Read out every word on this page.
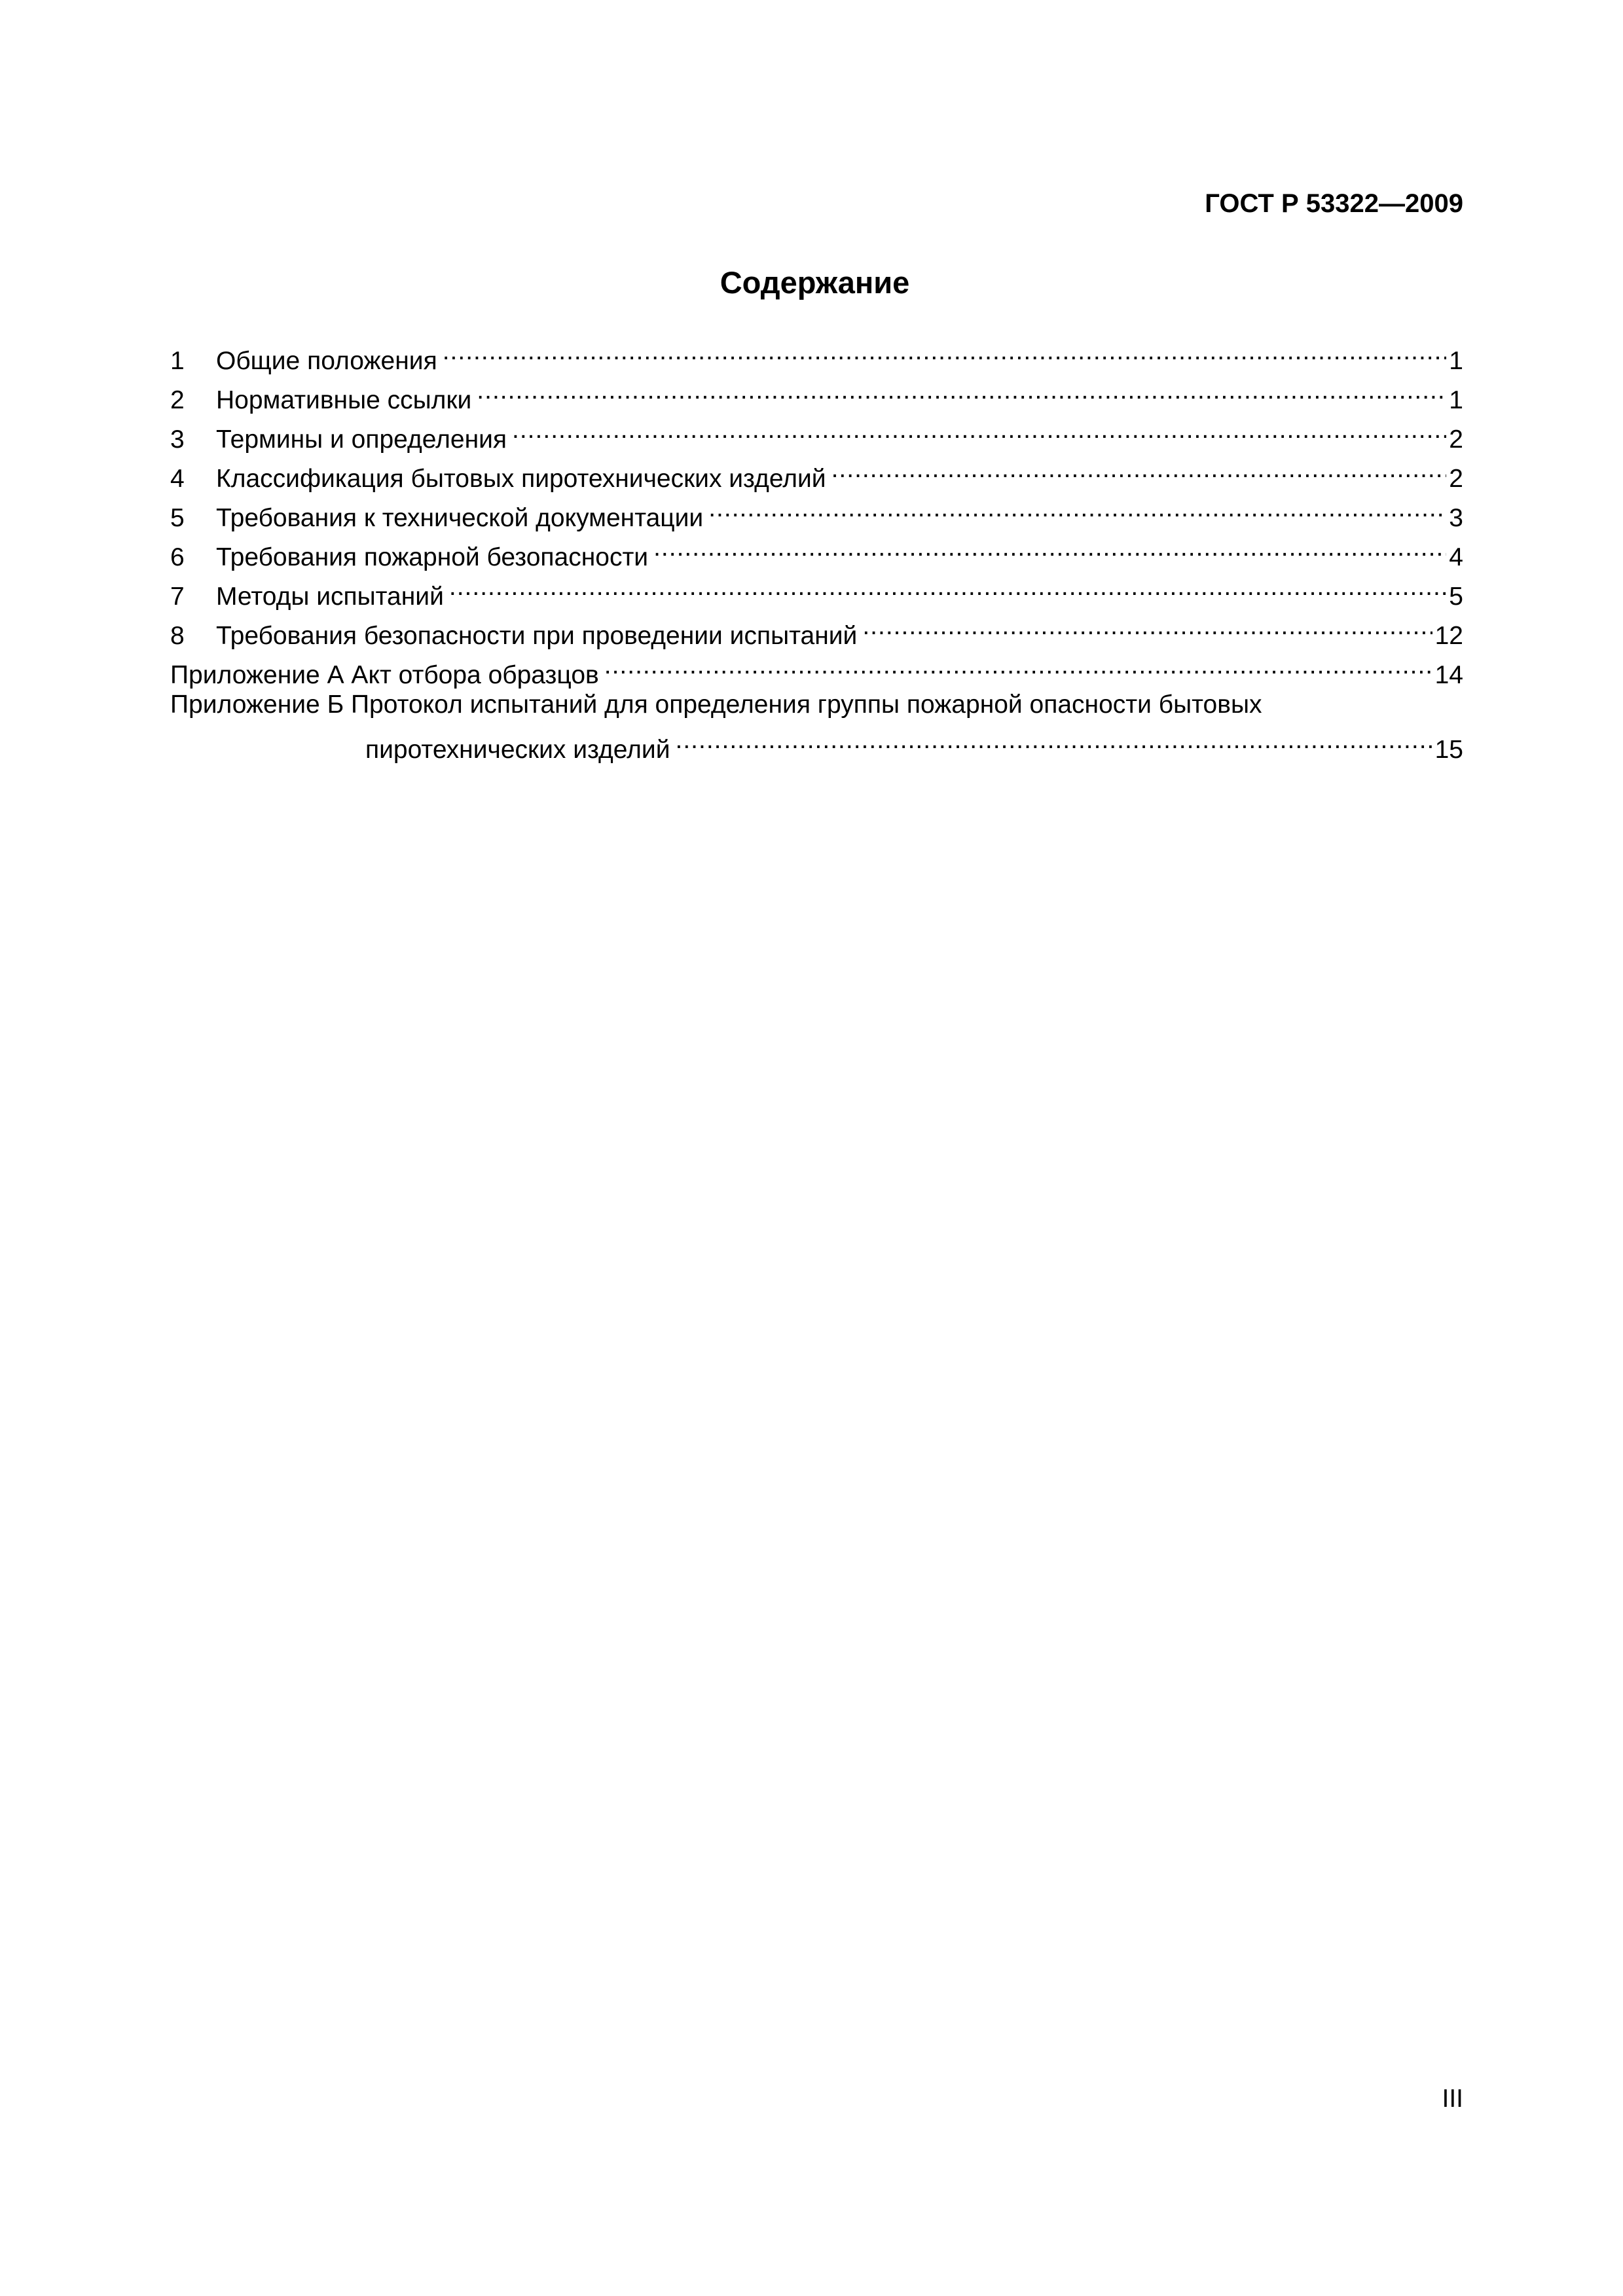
ГОСТ Р 53322—2009
Содержание
1	Общие положения .....	1
2	Нормативные ссылки .....	1
3	Термины и определения .....	2
4	Классификация бытовых пиротехнических изделий .....	2
5	Требования к технической документации .....	3
6	Требования пожарной безопасности .....	4
7	Методы испытаний .....	5
8	Требования безопасности при проведении испытаний .....	12
Приложение А Акт отбора образцов .....	14
Приложение Б Протокол испытаний для определения группы пожарной опасности бытовых
пиротехнических изделий .....	15
III
